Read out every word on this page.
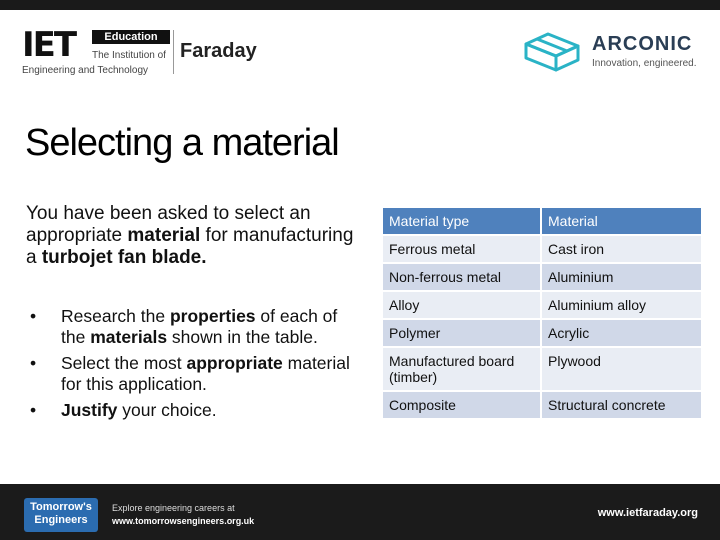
IET	Education
The Institution of
Engineering and Technology
Faraday	ARCONIC
Innovation, engineered.
Selecting a material
You have been asked to select an appropriate material for manufacturing a turbojet fan blade.
• Research the properties of each of the materials shown in the table.
• Select the most appropriate material for this application.
• Justify your choice.
Material type	Material
Ferrous metal	Cast iron
Non-ferrous metal	Aluminium
Alloy	Aluminium alloy
Polymer	Acrylic
Manufactured board (timber)	Plywood
Composite	Structural concrete
Tomorrow's
Engineers
Explore engineering careers at
www.tomorrowsengineers.org.uk
www.ietfaraday.org
